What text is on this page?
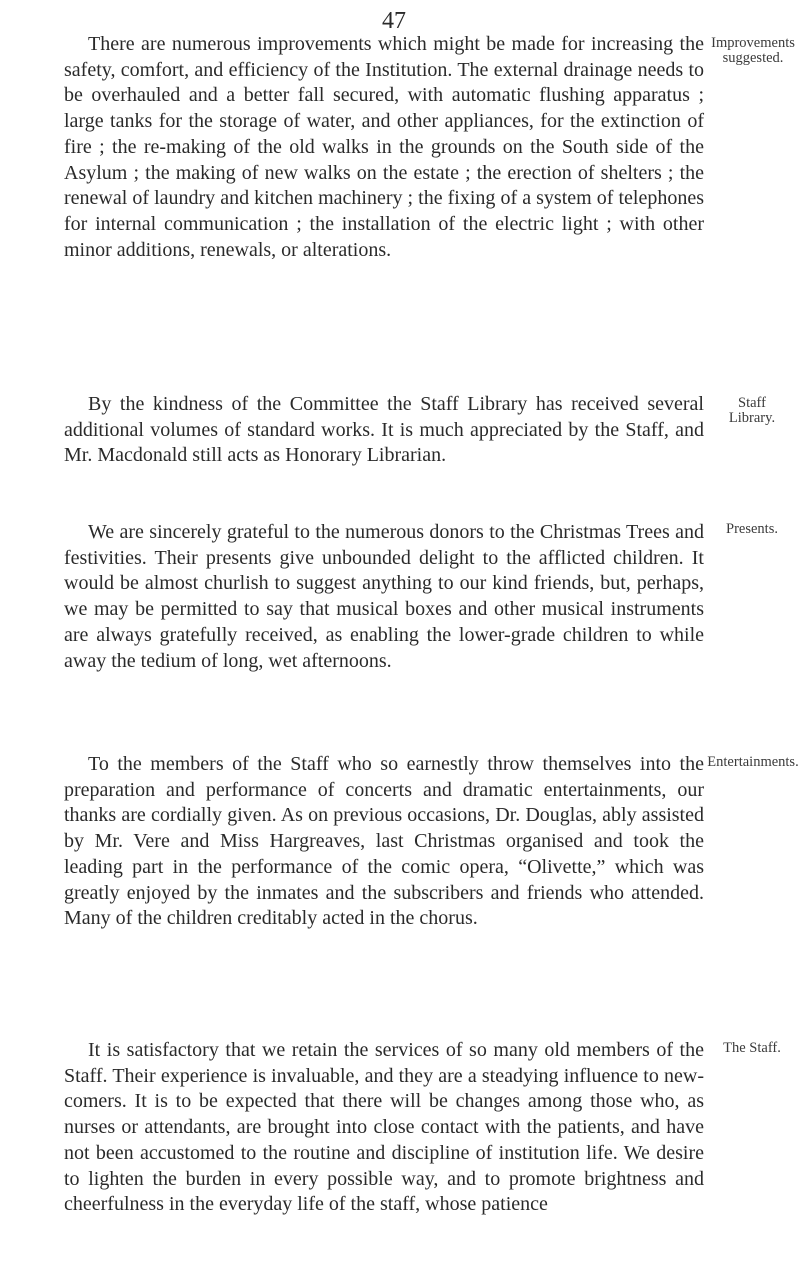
47

There are numerous improvements which might be made for increasing the safety, comfort, and efficiency of the Institution. The external drainage needs to be overhauled and a better fall secured, with automatic flushing apparatus ; large tanks for the storage of water, and other appliances, for the extinction of fire ; the re-making of the old walks in the grounds on the South side of the Asylum ; the making of new walks on the estate ; the erection of shelters ; the renewal of laundry and kitchen machinery ; the fixing of a system of telephones for internal communication ; the installation of the electric light ; with other minor additions, renewals, or alterations.

Improvements suggested.

By the kindness of the Committee the Staff Library has received several additional volumes of standard works. It is much appreciated by the Staff, and Mr. Macdonald still acts as Honorary Librarian.

Staff Library.

We are sincerely grateful to the numerous donors to the Christmas Trees and festivities. Their presents give unbounded delight to the afflicted children. It would be almost churlish to suggest anything to our kind friends, but, perhaps, we may be permitted to say that musical boxes and other musical instruments are always gratefully received, as enabling the lower-grade children to while away the tedium of long, wet afternoons.

Presents.

To the members of the Staff who so earnestly throw themselves into the preparation and performance of concerts and dramatic entertainments, our thanks are cordially given. As on previous occasions, Dr. Douglas, ably assisted by Mr. Vere and Miss Hargreaves, last Christmas organised and took the leading part in the performance of the comic opera, “Olivette,” which was greatly enjoyed by the inmates and the subscribers and friends who attended. Many of the children creditably acted in the chorus.

Entertainments.

It is satisfactory that we retain the services of so many old members of the Staff. Their experience is invaluable, and they are a steadying influence to new-comers. It is to be expected that there will be changes among those who, as nurses or attendants, are brought into close contact with the patients, and have not been accustomed to the routine and discipline of institution life. We desire to lighten the burden in every possible way, and to promote brightness and cheerfulness in the everyday life of the staff, whose patience

The Staff.
